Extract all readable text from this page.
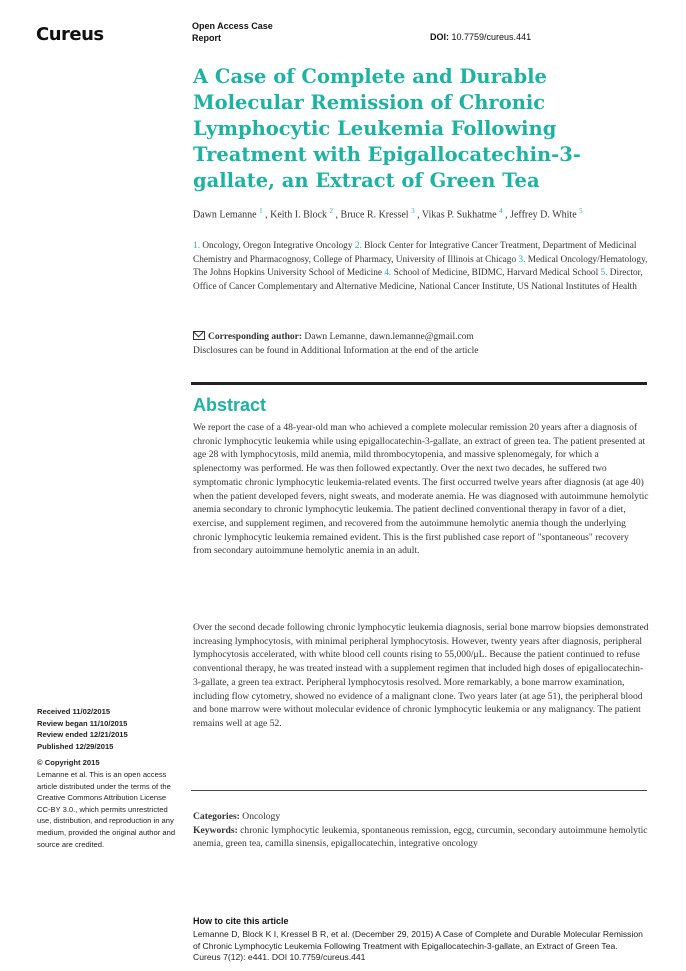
Cureus	Open Access Case
Report	DOI: 10.7759/cureus.441
A Case of Complete and Durable Molecular Remission of Chronic Lymphocytic Leukemia Following Treatment with Epigallocatechin-3-gallate, an Extract of Green Tea
Dawn Lemanne $^1$ , Keith I. Block $^2$ , Bruce R. Kressel $^3$ , Vikas P. Sukhatme $^4$ , Jeffrey D. White $^5$
1. Oncology, Oregon Integrative Oncology 2. Block Center for Integrative Cancer Treatment, Department of Medicinal Chemistry and Pharmacognosy, College of Pharmacy, University of Illinois at Chicago 3. Medical Oncology/Hematology, The Johns Hopkins University School of Medicine 4. School of Medicine, BIDMC, Harvard Medical School 5. Director, Office of Cancer Complementary and Alternative Medicine, National Cancer Institute, US National Institutes of Health
Corresponding author: Dawn Lemanne, dawn.lemanne@gmail.com
Disclosures can be found in Additional Information at the end of the article
Abstract
We report the case of a 48-year-old man who achieved a complete molecular remission 20 years after a diagnosis of chronic lymphocytic leukemia while using epigallocatechin-3-gallate, an extract of green tea. The patient presented at age 28 with lymphocytosis, mild anemia, mild thrombocytopenia, and massive splenomegaly, for which a splenectomy was performed. He was then followed expectantly. Over the next two decades, he suffered two symptomatic chronic lymphocytic leukemia-related events. The first occurred twelve years after diagnosis (at age 40) when the patient developed fevers, night sweats, and moderate anemia. He was diagnosed with autoimmune hemolytic anemia secondary to chronic lymphocytic leukemia. The patient declined conventional therapy in favor of a diet, exercise, and supplement regimen, and recovered from the autoimmune hemolytic anemia though the underlying chronic lymphocytic leukemia remained evident. This is the first published case report of "spontaneous" recovery from secondary autoimmune hemolytic anemia in an adult.
Over the second decade following chronic lymphocytic leukemia diagnosis, serial bone marrow biopsies demonstrated increasing lymphocytosis, with minimal peripheral lymphocytosis. However, twenty years after diagnosis, peripheral lymphocytosis accelerated, with white blood cell counts rising to 55,000/μL. Because the patient continued to refuse conventional therapy, he was treated instead with a supplement regimen that included high doses of epigallocatechin-3-gallate, a green tea extract. Peripheral lymphocytosis resolved. More remarkably, a bone marrow examination, including flow cytometry, showed no evidence of a malignant clone. Two years later (at age 51), the peripheral blood and bone marrow were without molecular evidence of chronic lymphocytic leukemia or any malignancy. The patient remains well at age 52.
Received 11/02/2015
Review began 11/10/2015
Review ended 12/21/2015
Published 12/29/2015
© Copyright 2015
Lemanne et al. This is an open access article distributed under the terms of the Creative Commons Attribution License CC-BY 3.0., which permits unrestricted use, distribution, and reproduction in any medium, provided the original author and source are credited.
Categories: Oncology
Keywords: chronic lymphocytic leukemia, spontaneous remission, egcg, curcumin, secondary autoimmune hemolytic anemia, green tea, camilla sinensis, epigallocatechin, integrative oncology
How to cite this article
Lemanne D, Block K I, Kressel B R, et al. (December 29, 2015) A Case of Complete and Durable Molecular Remission of Chronic Lymphocytic Leukemia Following Treatment with Epigallocatechin-3-gallate, an Extract of Green Tea. Cureus 7(12): e441. DOI 10.7759/cureus.441
